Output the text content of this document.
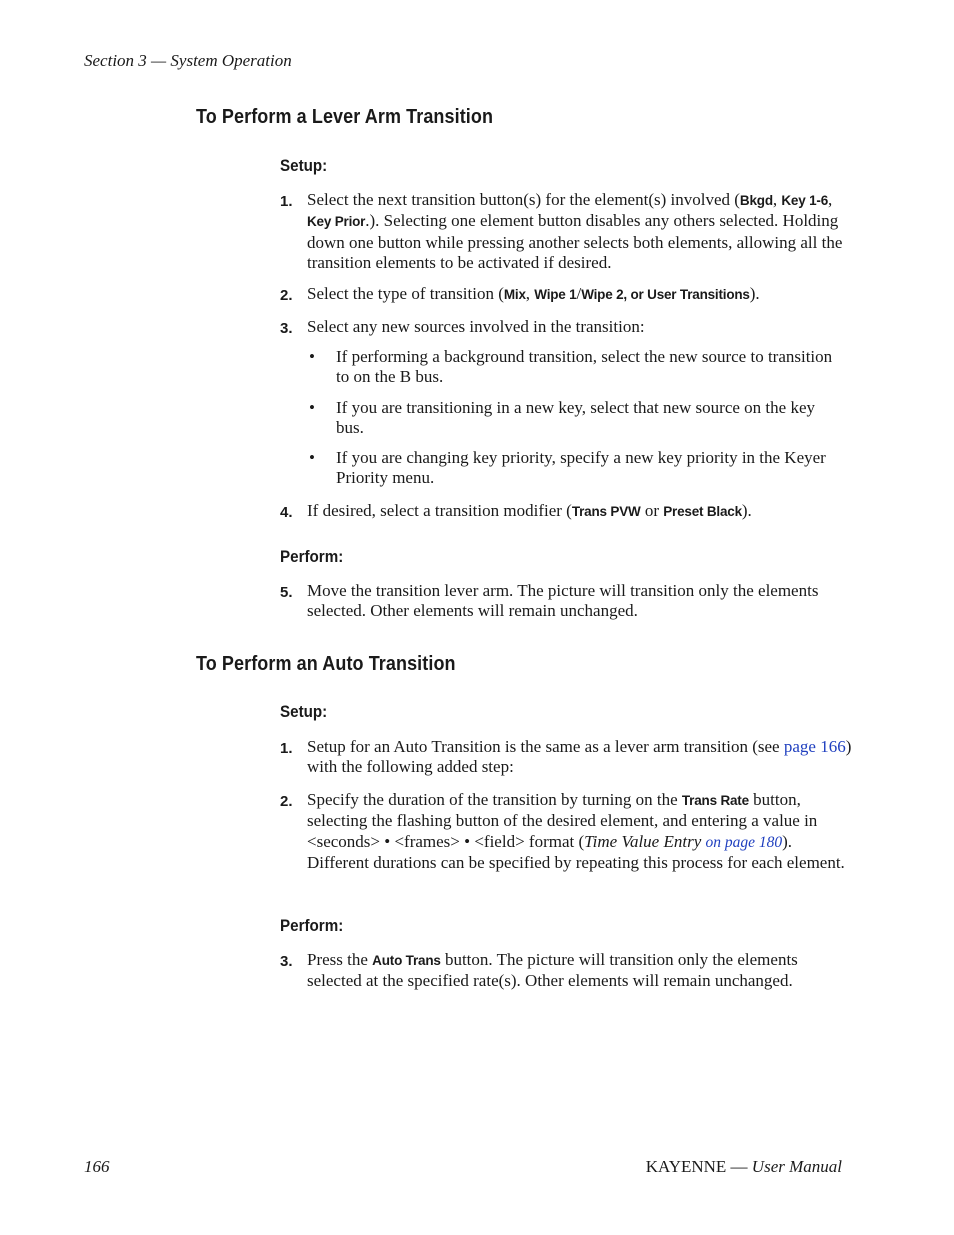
Section 3 — System Operation
To Perform a Lever Arm Transition
Setup:
1. Select the next transition button(s) for the element(s) involved (Bkgd, Key 1-6, Key Prior.). Selecting one element button disables any others selected. Holding down one button while pressing another selects both elements, allowing all the transition elements to be activated if desired.
2. Select the type of transition (Mix, Wipe 1/Wipe 2, or User Transitions).
3. Select any new sources involved in the transition:
• If performing a background transition, select the new source to transition to on the B bus.
• If you are transitioning in a new key, select that new source on the key bus.
• If you are changing key priority, specify a new key priority in the Keyer Priority menu.
4. If desired, select a transition modifier (Trans PVW or Preset Black).
Perform:
5. Move the transition lever arm. The picture will transition only the elements selected. Other elements will remain unchanged.
To Perform an Auto Transition
Setup:
1. Setup for an Auto Transition is the same as a lever arm transition (see page 166) with the following added step:
2. Specify the duration of the transition by turning on the Trans Rate button, selecting the flashing button of the desired element, and entering a value in <seconds> • <frames> • <field> format (Time Value Entry on page 180). Different durations can be specified by repeating this process for each element.
Perform:
3. Press the Auto Trans button. The picture will transition only the elements selected at the specified rate(s). Other elements will remain unchanged.
166	KAYENNE — User Manual
